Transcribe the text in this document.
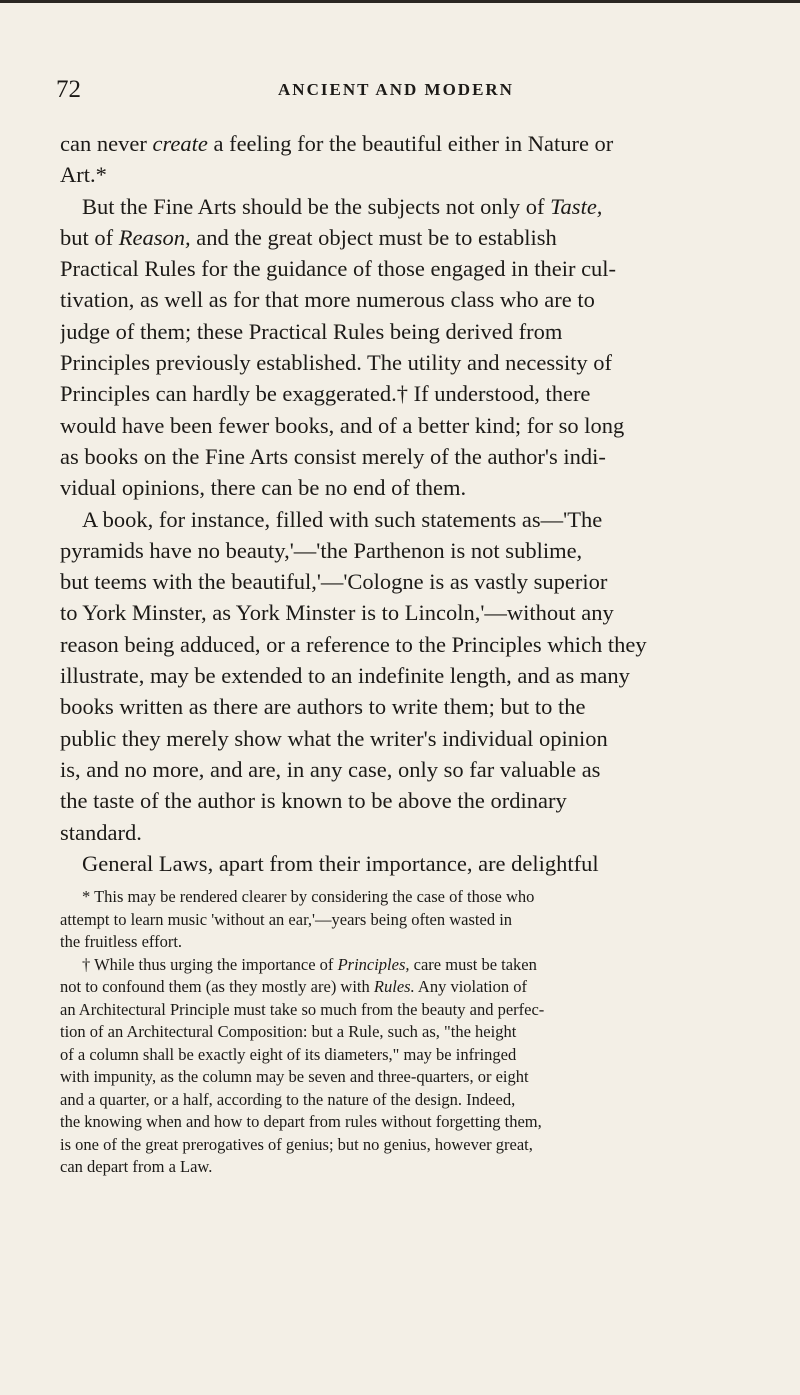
72	ANCIENT AND MODERN
can never create a feeling for the beautiful either in Nature or
Art.*
But the Fine Arts should be the subjects not only of Taste,
but of Reason, and the great object must be to establish
Practical Rules for the guidance of those engaged in their cul-
tivation, as well as for that more numerous class who are to
judge of them; these Practical Rules being derived from
Principles previously established. The utility and necessity of
Principles can hardly be exaggerated.† If understood, there
would have been fewer books, and of a better kind; for so long
as books on the Fine Arts consist merely of the author's indi-
vidual opinions, there can be no end of them.
A book, for instance, filled with such statements as—'The
pyramids have no beauty,'—'the Parthenon is not sublime,
but teems with the beautiful,'—'Cologne is as vastly superior
to York Minster, as York Minster is to Lincoln,'—without any
reason being adduced, or a reference to the Principles which they
illustrate, may be extended to an indefinite length, and as many
books written as there are authors to write them; but to the
public they merely show what the writer's individual opinion
is, and no more, and are, in any case, only so far valuable as
the taste of the author is known to be above the ordinary
standard.
General Laws, apart from their importance, are delightful
* This may be rendered clearer by considering the case of those who
attempt to learn music 'without an ear,'—years being often wasted in
the fruitless effort.
† While thus urging the importance of Principles, care must be taken
not to confound them (as they mostly are) with Rules. Any violation of
an Architectural Principle must take so much from the beauty and perfec-
tion of an Architectural Composition: but a Rule, such as, "the height
of a column shall be exactly eight of its diameters," may be infringed
with impunity, as the column may be seven and three-quarters, or eight
and a quarter, or a half, according to the nature of the design. Indeed,
the knowing when and how to depart from rules without forgetting them,
is one of the great prerogatives of genius; but no genius, however great,
can depart from a Law.
